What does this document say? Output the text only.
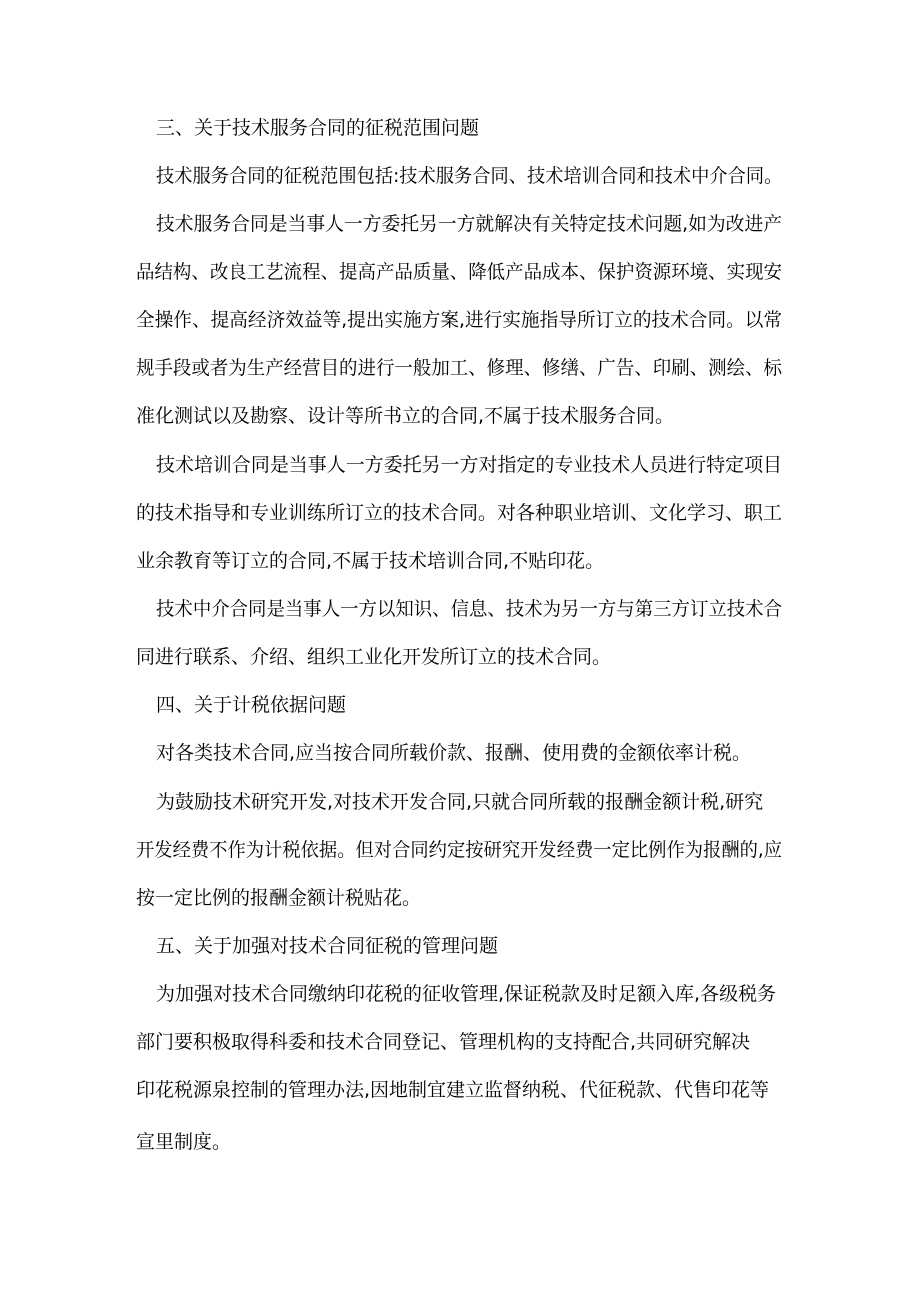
三、关于技术服务合同的征税范围问题

技术服务合同的征税范围包括:技术服务合同、技术培训合同和技术中介合同。

技术服务合同是当事人一方委托另一方就解决有关特定技术问题,如为改进产

品结构、改良工艺流程、提高产品质量、降低产品成本、保护资源环境、实现安

全操作、提高经济效益等,提出实施方案,进行实施指导所订立的技术合同。以常

规手段或者为生产经营目的进行一般加工、修理、修缮、广告、印刷、测绘、标

准化测试以及勘察、设计等所书立的合同,不属于技术服务合同。

技术培训合同是当事人一方委托另一方对指定的专业技术人员进行特定项目

的技术指导和专业训练所订立的技术合同。对各种职业培训、文化学习、职工

业余教育等订立的合同,不属于技术培训合同,不贴印花。

技术中介合同是当事人一方以知识、信息、技术为另一方与第三方订立技术合

同进行联系、介绍、组织工业化开发所订立的技术合同。

四、关于计税依据问题

对各类技术合同,应当按合同所载价款、报酬、使用费的金额依率计税。

为鼓励技术研究开发,对技术开发合同,只就合同所载的报酬金额计税,研究

开发经费不作为计税依据。但对合同约定按研究开发经费一定比例作为报酬的,应

按一定比例的报酬金额计税贴花。

五、关于加强对技术合同征税的管理问题

为加强对技术合同缴纳印花税的征收管理,保证税款及时足额入库,各级税务

部门要积极取得科委和技术合同登记、管理机构的支持配合,共同研究解决

印花税源泉控制的管理办法,因地制宜建立监督纳税、代征税款、代售印花等

宣里制度。
